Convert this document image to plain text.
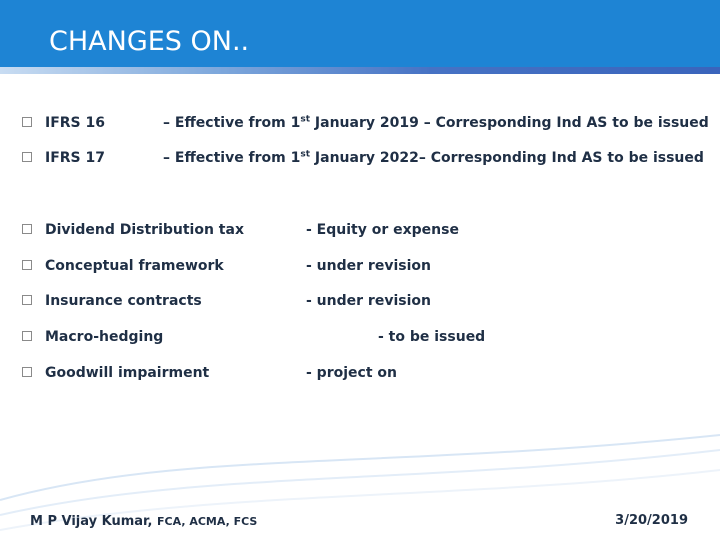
CHANGES ON..
IFRS 16	– Effective from 1st January 2019 – Corresponding Ind AS to be issued
IFRS 17	– Effective from 1st January 2022– Corresponding Ind AS to be issued
Dividend Distribution tax	- Equity or expense
Conceptual framework	- under revision
Insurance contracts	- under revision
Macro-hedging	- to be issued
Goodwill impairment	- project on
M P Vijay Kumar, FCA, ACMA, FCS	3/20/2019
